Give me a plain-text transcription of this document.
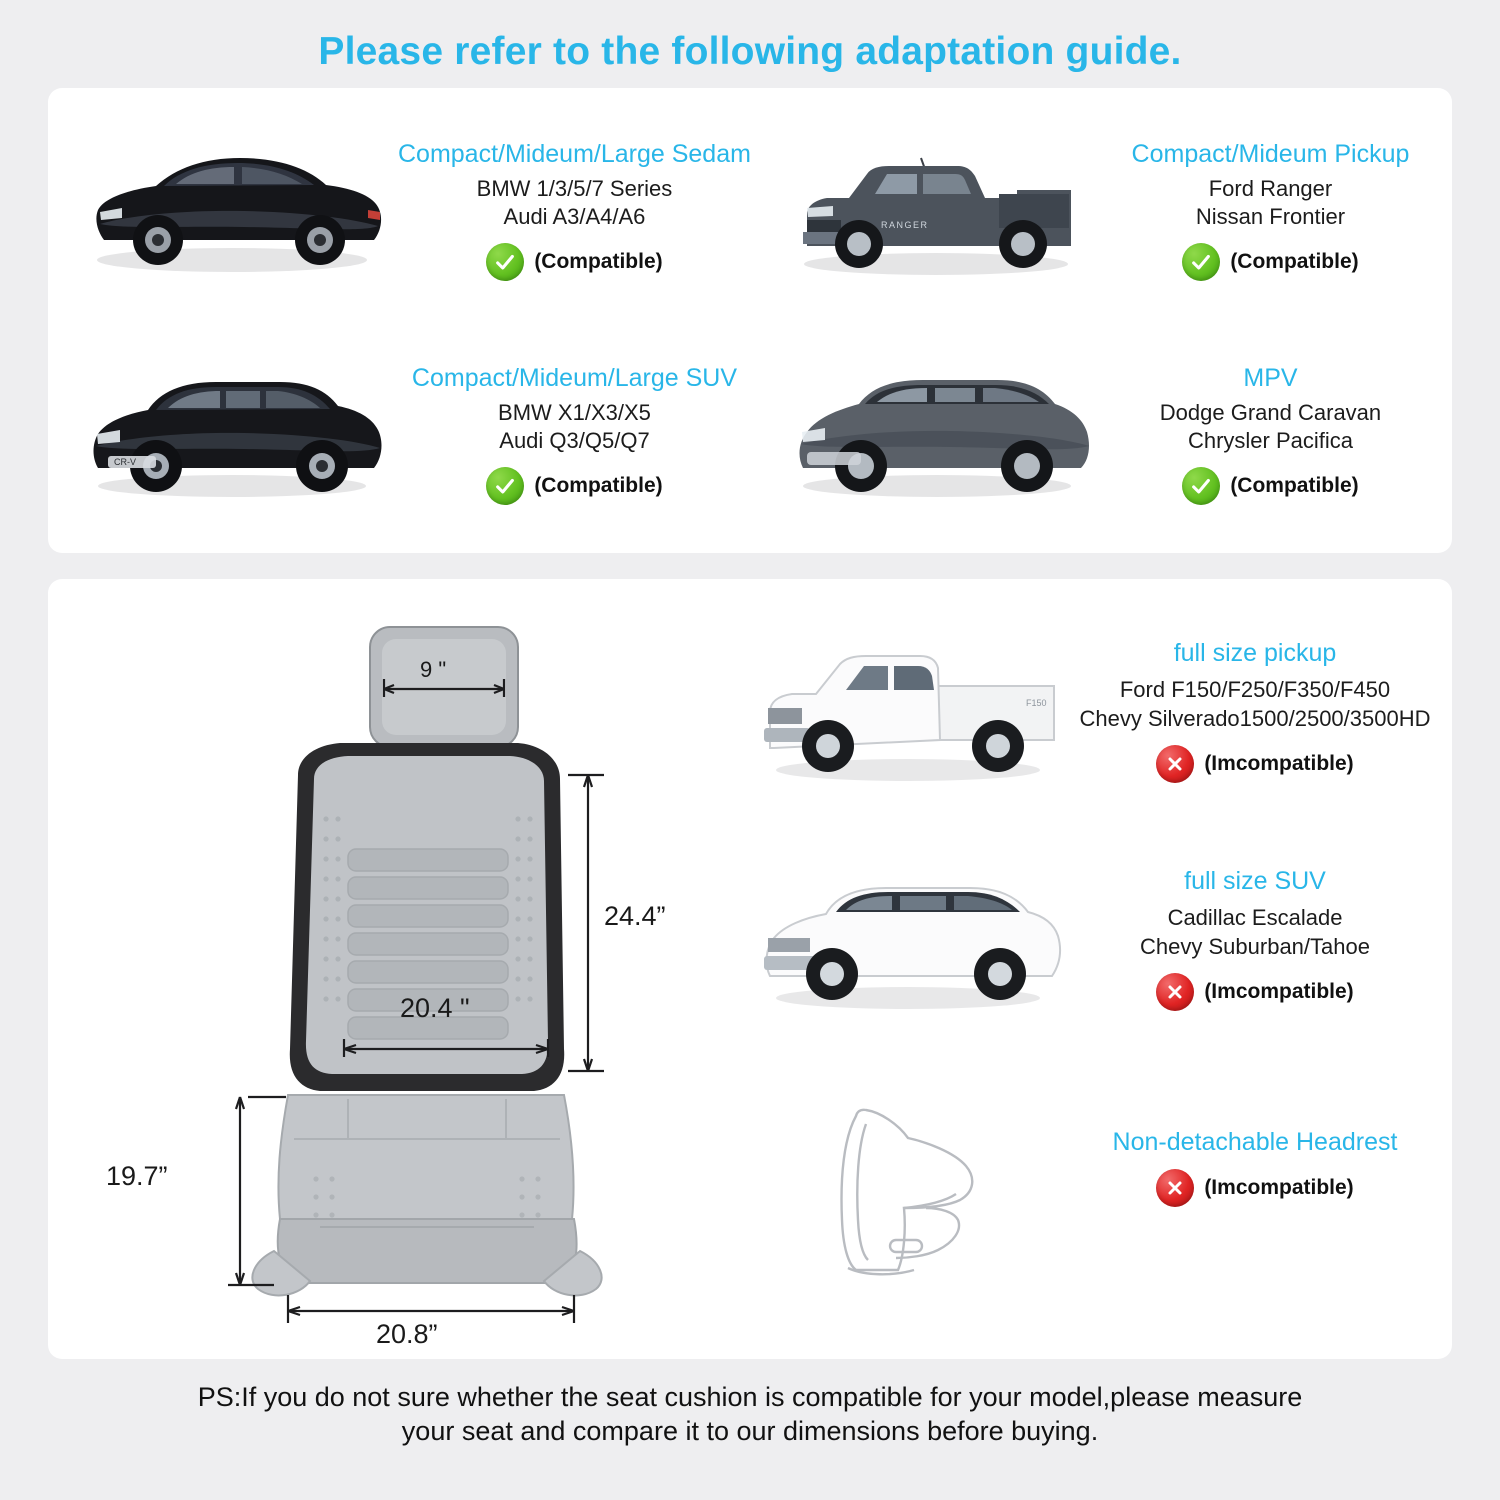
Please refer to the following adaptation guide.
Compact/Mideum/Large Sedam
BMW 1/3/5/7 Series
Audi A3/A4/A6
(Compatible)
RANGER
Compact/Mideum Pickup
Ford Ranger
Nissan Frontier
(Compatible)
CR-V
Compact/Mideum/Large SUV
BMW X1/X3/X5
Audi Q3/Q5/Q7
(Compatible)
MPV
Dodge Grand Caravan
Chrysler Pacifica
(Compatible)
9 "
24.4”
20.4 "
19.7”
20.8”
F150
full size pickup
Ford F150/F250/F350/F450
Chevy Silverado1500/2500/3500HD
(Imcompatible)
full size SUV
Cadillac Escalade
Chevy Suburban/Tahoe
(Imcompatible)
Non-detachable Headrest
(Imcompatible)
PS:If you do not sure whether the seat cushion is compatible for your model,please measure
your seat and compare it to our dimensions before buying.
